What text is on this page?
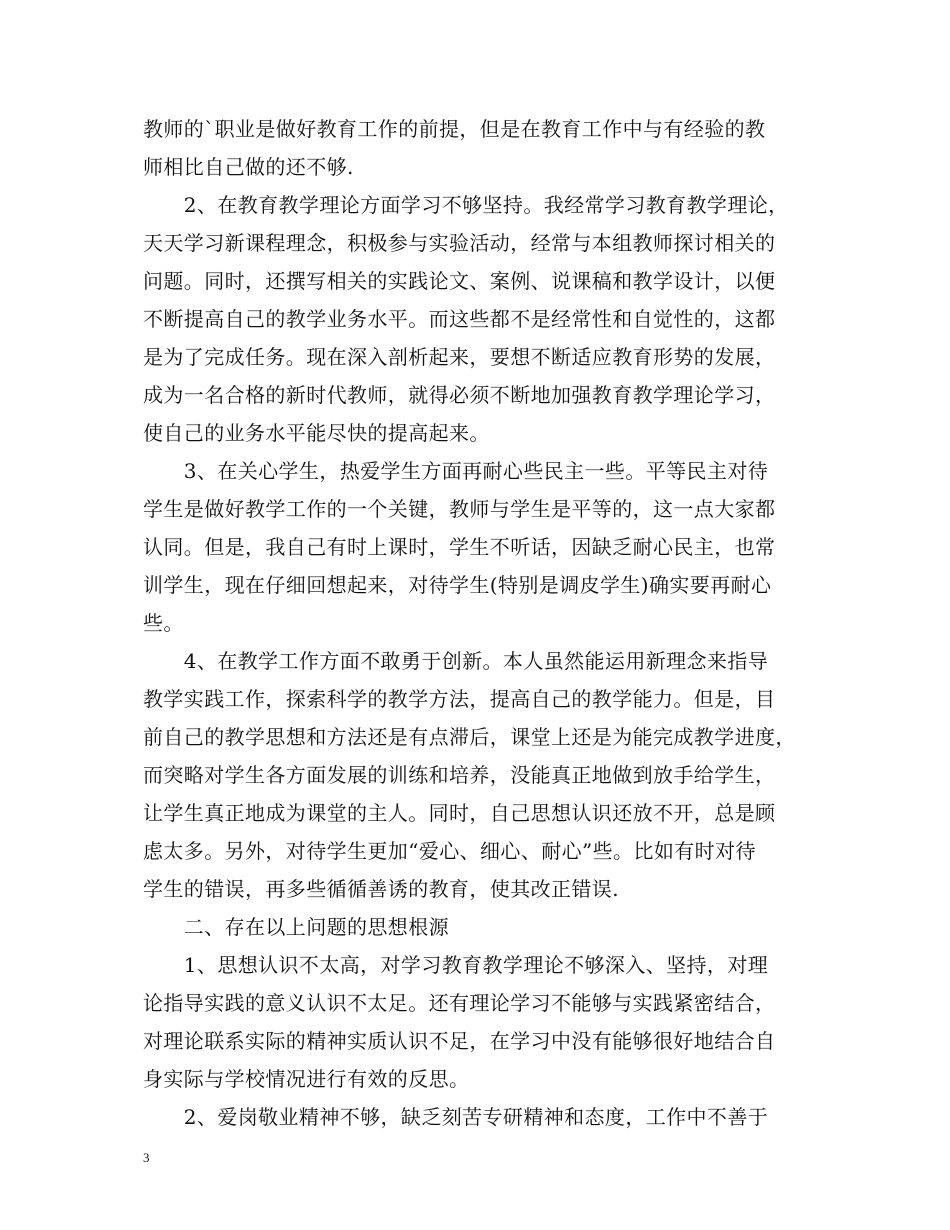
教师的`职业是做好教育工作的前提，但是在教育工作中与有经验的教
师相比自己做的还不够.
　　2、在教育教学理论方面学习不够坚持。我经常学习教育教学理论，
天天学习新课程理念，积极参与实验活动，经常与本组教师探讨相关的
问题。同时，还撰写相关的实践论文、案例、说课稿和教学设计，以便
不断提高自己的教学业务水平。而这些都不是经常性和自觉性的，这都
是为了完成任务。现在深入剖析起来，要想不断适应教育形势的发展，
成为一名合格的新时代教师，就得必须不断地加强教育教学理论学习，
使自己的业务水平能尽快的提高起来。
　　3、在关心学生，热爱学生方面再耐心些民主一些。平等民主对待
学生是做好教学工作的一个关键，教师与学生是平等的，这一点大家都
认同。但是，我自己有时上课时，学生不听话，因缺乏耐心民主，也常
训学生，现在仔细回想起来，对待学生(特别是调皮学生)确实要再耐心
些。
　　4、在教学工作方面不敢勇于创新。本人虽然能运用新理念来指导
教学实践工作，探索科学的教学方法，提高自己的教学能力。但是，目
前自己的教学思想和方法还是有点滞后，课堂上还是为能完成教学进度，
而突略对学生各方面发展的训练和培养，没能真正地做到放手给学生，
让学生真正地成为课堂的主人。同时，自己思想认识还放不开，总是顾
虑太多。另外，对待学生更加“爱心、细心、耐心”些。比如有时对待
学生的错误，再多些循循善诱的教育，使其改正错误.
　　二、存在以上问题的思想根源
　　1、思想认识不太高，对学习教育教学理论不够深入、坚持，对理
论指导实践的意义认识不太足。还有理论学习不能够与实践紧密结合，
对理论联系实际的精神实质认识不足，在学习中没有能够很好地结合自
身实际与学校情况进行有效的反思。
　　2、爱岗敬业精神不够，缺乏刻苦专研精神和态度，工作中不善于
3
